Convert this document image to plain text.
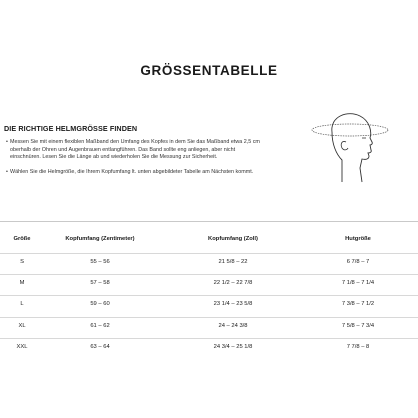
GRÖSSENTABELLE
DIE RICHTIGE HELMGRÖSSE FINDEN
• Messen Sie mit einem flexiblen Maßband den Umfang des Kopfes in dem Sie das Maßband etwa 2,5 cm oberhalb der Ohren und Augenbrauen entlangführen. Das Band sollte eng anliegen, aber nicht einschnüren. Lesen Sie die Länge ab und wiederholen Sie die Messung zur Sicherheit.
• Wählen Sie die Helmgröße, die Ihrem Kopfumfang lt. unten abgebildeter Tabelle am Nächsten kommt.
Größe	Kopfumfang (Zentimeter)	Kopfumfang (Zoll)	Hutgröße
S	55 – 56	21 5/8 – 22	6 7/8 – 7
M	57 – 58	22 1/2 – 22 7/8	7 1/8 – 7 1/4
L	59 – 60	23 1/4 – 23 5/8	7 3/8 – 7 1/2
XL	61 – 62	24 – 24 3/8	7 5/8 – 7 3/4
XXL	63 – 64	24 3/4 – 25 1/8	7 7/8 – 8
